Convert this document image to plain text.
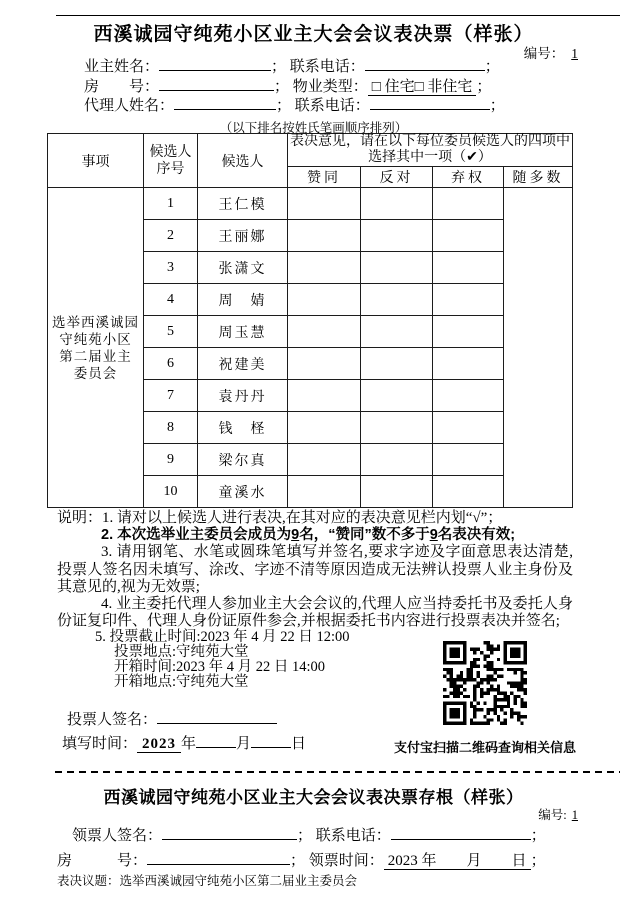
西溪诚园守纯苑小区业主大会会议表决票（样张）
编号： 1
业主姓名：	； 联系电话：	；
房　　号：	； 物业类型： □ 住宅□ 非住宅 ；
代理人姓名：	； 联系电话：	；
（以下排名按姓氏笔画顺序排列）
事项	候选人序号	候选人	表决意见，请在以下每位委员候选人的四项中选择其中一项（✔）			
			赞同	反对	弃权	随多数
选举西溪诚园
守纯苑小区
第二届业主
委员会	1	王仁模				
	2	王丽娜				
	3	张潇文				
	4	周　婧				
	5	周玉慧				
	6	祝建美				
	7	袁丹丹				
	8	钱　柽				
	9	梁尔真				
	10	童溪水				

说明：1. 请对以上候选人进行表决,在其对应的表决意见栏内划“√”；

2. 本次选举业主委员会成员为9名，“赞同”数不多于9名表决有效;

3. 请用钢笔、水笔或圆珠笔填写并签名,要求字迹及字面意思表达清楚,投票人签名因未填写、涂改、字迹不清等原因造成无法辨认投票人业主身份及其意见的,视为无效票;

4. 业主委托代理人参加业主大会会议的,代理人应当持委托书及委托人身份证复印件、代理人身份证原件参会,并根据委托书内容进行投票表决并签名;

5. 投票截止时间:2023 年 4 月 22 日 12:00
投票地点:守纯苑大堂
开箱时间:2023 年 4 月 22 日 14:00
开箱地点:守纯苑大堂
投票人签名：
填写时间： 2023 年	月	日	支付宝扫描二维码查询相关信息
西溪诚园守纯苑小区业主大会会议表决票存根（样张）
编号: 1
领票人签名：	； 联系电话：	；
房　　　号：	； 领票时间： 2023 年　　月　　日 ；
表决议题：选举西溪诚园守纯苑小区第二届业主委员会
